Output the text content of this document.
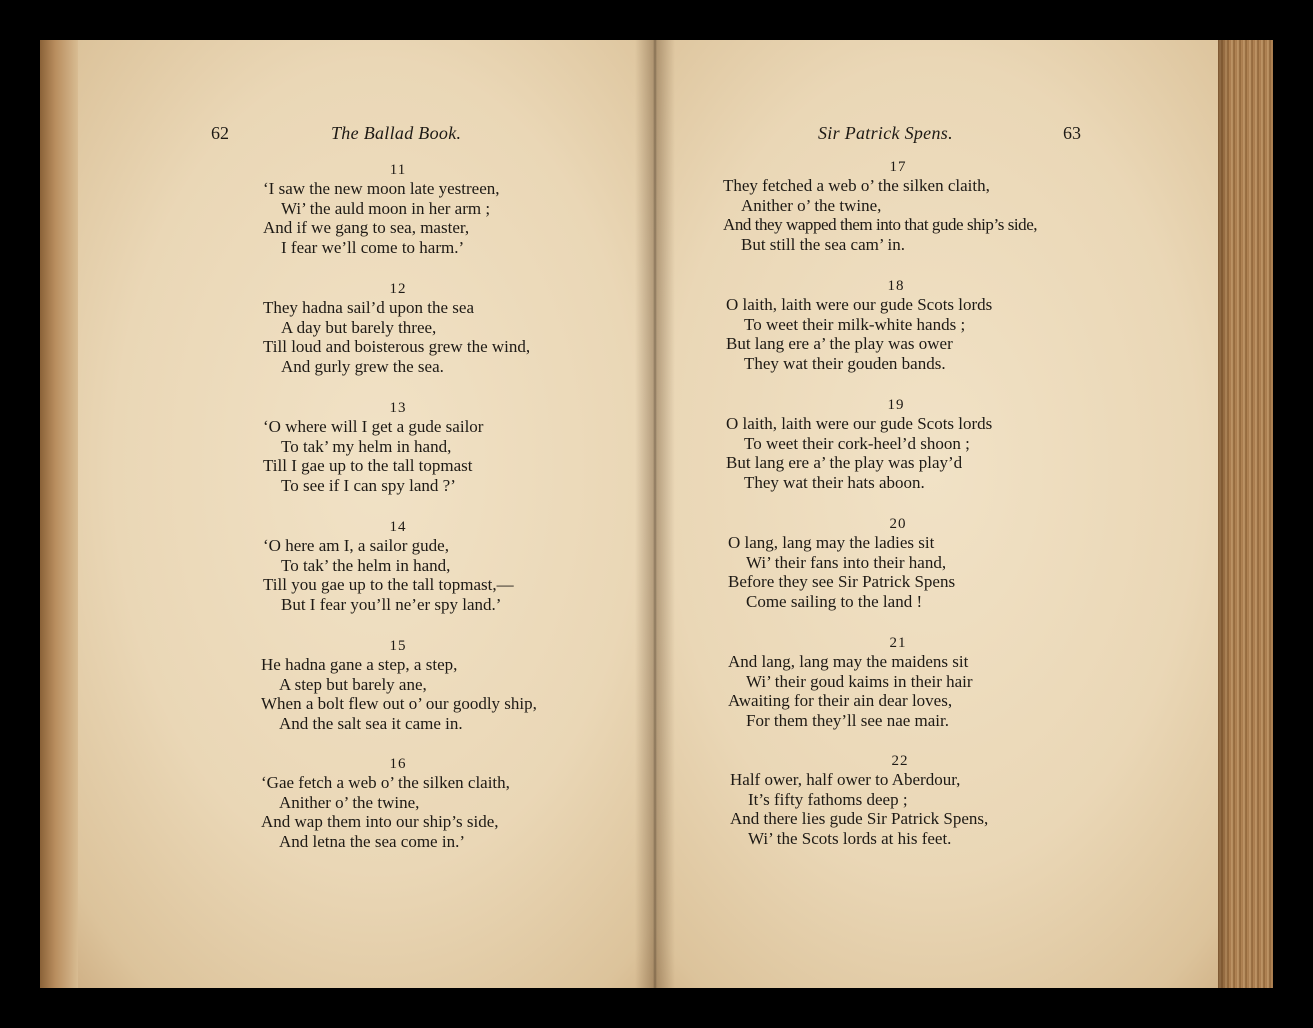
62	The Ballad Book.
11
‘I saw the new moon late yestreen,
Wi’ the auld moon in her arm ;
And if we gang to sea, master,
I fear we’ll come to harm.’
12
They hadna sail’d upon the sea
A day but barely three,
Till loud and boisterous grew the wind,
And gurly grew the sea.
13
‘O where will I get a gude sailor
To tak’ my helm in hand,
Till I gae up to the tall topmast
To see if I can spy land ?’
14
‘O here am I, a sailor gude,
To tak’ the helm in hand,
Till you gae up to the tall topmast,—
But I fear you’ll ne’er spy land.’
15
He hadna gane a step, a step,
A step but barely ane,
When a bolt flew out o’ our goodly ship,
And the salt sea it came in.
16
‘Gae fetch a web o’ the silken claith,
Anither o’ the twine,
And wap them into our ship’s side,
And letna the sea come in.’
Sir Patrick Spens.	63
17
They fetched a web o’ the silken claith,
Anither o’ the twine,
And they wapped them into that gude ship’s side,
But still the sea cam’ in.
18
O laith, laith were our gude Scots lords
To weet their milk-white hands ;
But lang ere a’ the play was ower
They wat their gouden bands.
19
O laith, laith were our gude Scots lords
To weet their cork-heel’d shoon ;
But lang ere a’ the play was play’d
They wat their hats aboon.
20
O lang, lang may the ladies sit
Wi’ their fans into their hand,
Before they see Sir Patrick Spens
Come sailing to the land !
21
And lang, lang may the maidens sit
Wi’ their goud kaims in their hair
Awaiting for their ain dear loves,
For them they’ll see nae mair.
22
Half ower, half ower to Aberdour,
It’s fifty fathoms deep ;
And there lies gude Sir Patrick Spens,
Wi’ the Scots lords at his feet.
